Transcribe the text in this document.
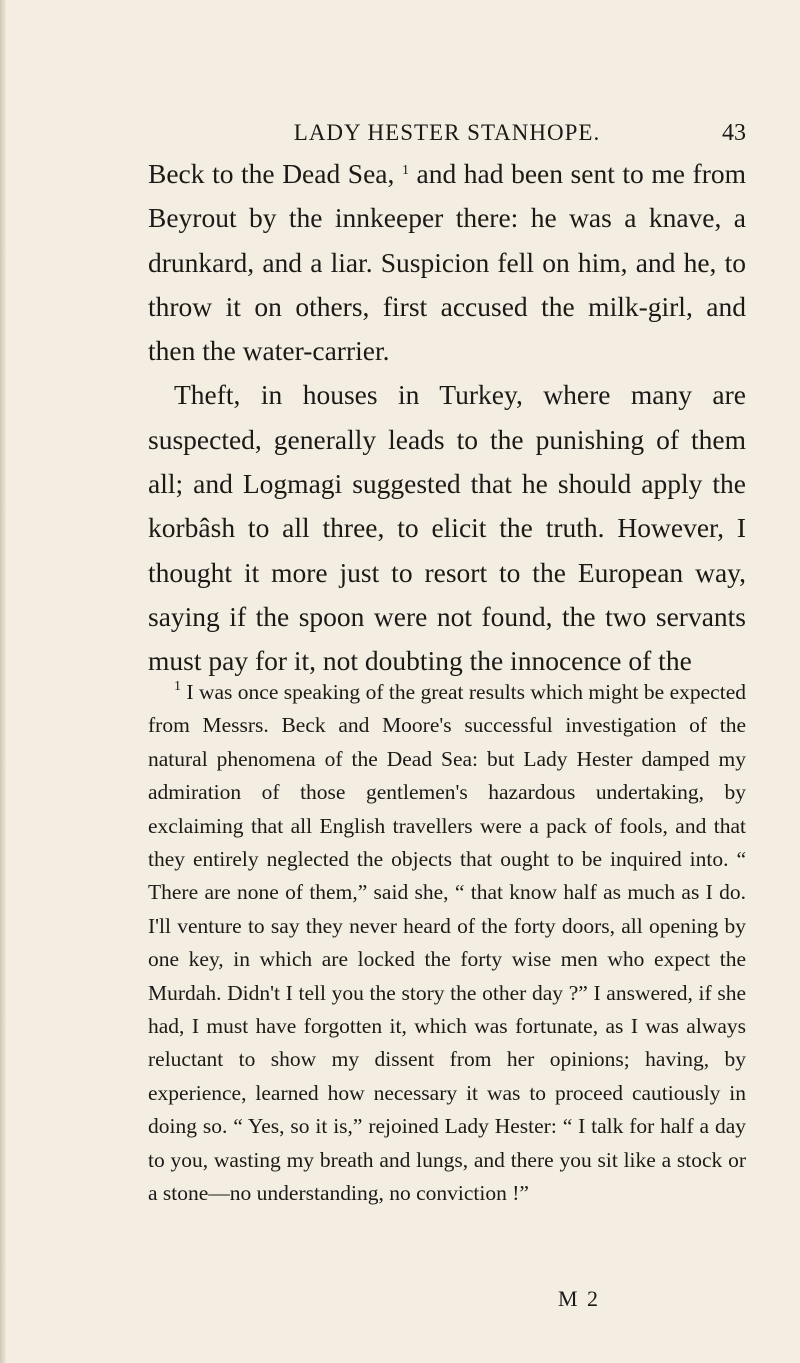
LADY HESTER STANHOPE.	43

Beck to the Dead Sea, $^1$ and had been sent to me from Beyrout by the innkeeper there: he was a knave, a drunkard, and a liar. Suspicion fell on him, and he, to throw it on others, first accused the milk-girl, and then the water-carrier.

Theft, in houses in Turkey, where many are suspected, generally leads to the punishing of them all; and Logmagi suggested that he should apply the korbâsh to all three, to elicit the truth. However, I thought it more just to resort to the European way, saying if the spoon were not found, the two servants must pay for it, not doubting the innocence of the

$^1$ I was once speaking of the great results which might be expected from Messrs. Beck and Moore's successful investigation of the natural phenomena of the Dead Sea: but Lady Hester damped my admiration of those gentlemen's hazardous undertaking, by exclaiming that all English travellers were a pack of fools, and that they entirely neglected the objects that ought to be inquired into. “ There are none of them,” said she, “ that know half as much as I do. I'll venture to say they never heard of the forty doors, all opening by one key, in which are locked the forty wise men who expect the Murdah. Didn't I tell you the story the other day ?” I answered, if she had, I must have forgotten it, which was fortunate, as I was always reluctant to show my dissent from her opinions; having, by experience, learned how necessary it was to proceed cautiously in doing so. “ Yes, so it is,” rejoined Lady Hester: “ I talk for half a day to you, wasting my breath and lungs, and there you sit like a stock or a stone—no understanding, no conviction !”

M 2
